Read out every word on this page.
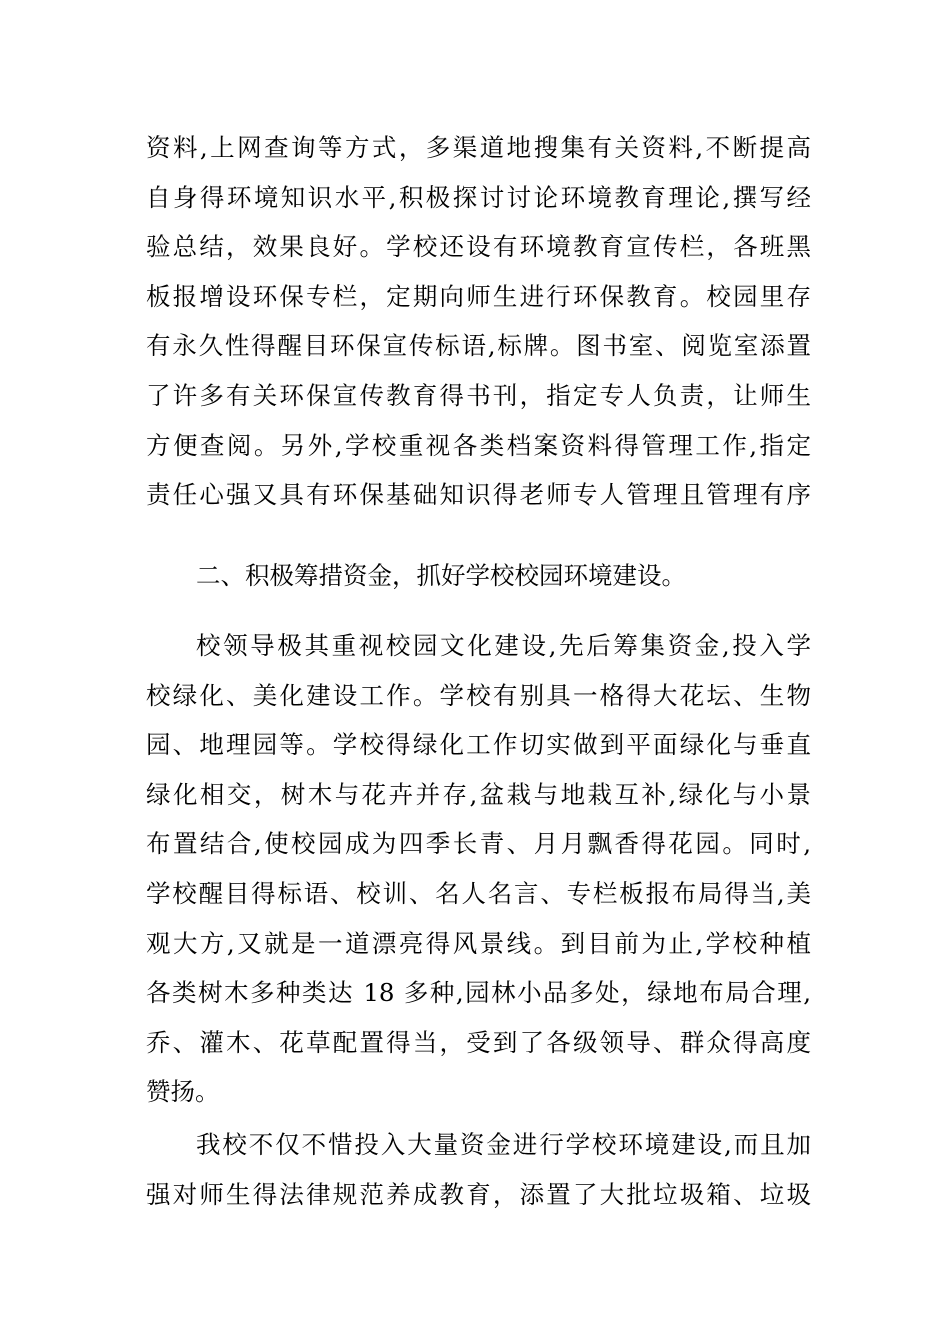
资料,上网查询等方式，多渠道地搜集有关资料,不断提高
自身得环境知识水平,积极探讨讨论环境教育理论,撰写经
验总结，效果良好。学校还设有环境教育宣传栏，各班黑
板报增设环保专栏，定期向师生进行环保教育。校园里存
有永久性得醒目环保宣传标语,标牌。图书室、阅览室添置
了许多有关环保宣传教育得书刊，指定专人负责，让师生
方便查阅。另外,学校重视各类档案资料得管理工作,指定
责任心强又具有环保基础知识得老师专人管理且管理有序
二、积极筹措资金，抓好学校校园环境建设。
校领导极其重视校园文化建设,先后筹集资金,投入学
校绿化、美化建设工作。学校有别具一格得大花坛、生物
园、地理园等。学校得绿化工作切实做到平面绿化与垂直
绿化相交，树木与花卉并存,盆栽与地栽互补,绿化与小景
布置结合,使校园成为四季长青、月月飘香得花园。同时,
学校醒目得标语、校训、名人名言、专栏板报布局得当,美
观大方,又就是一道漂亮得风景线。到目前为止,学校种植
各类树木多种类达 18 多种,园林小品多处，绿地布局合理,
乔、灌木、花草配置得当，受到了各级领导、群众得高度
赞扬。
我校不仅不惜投入大量资金进行学校环境建设,而且加
强对师生得法律规范养成教育，添置了大批垃圾箱、垃圾
